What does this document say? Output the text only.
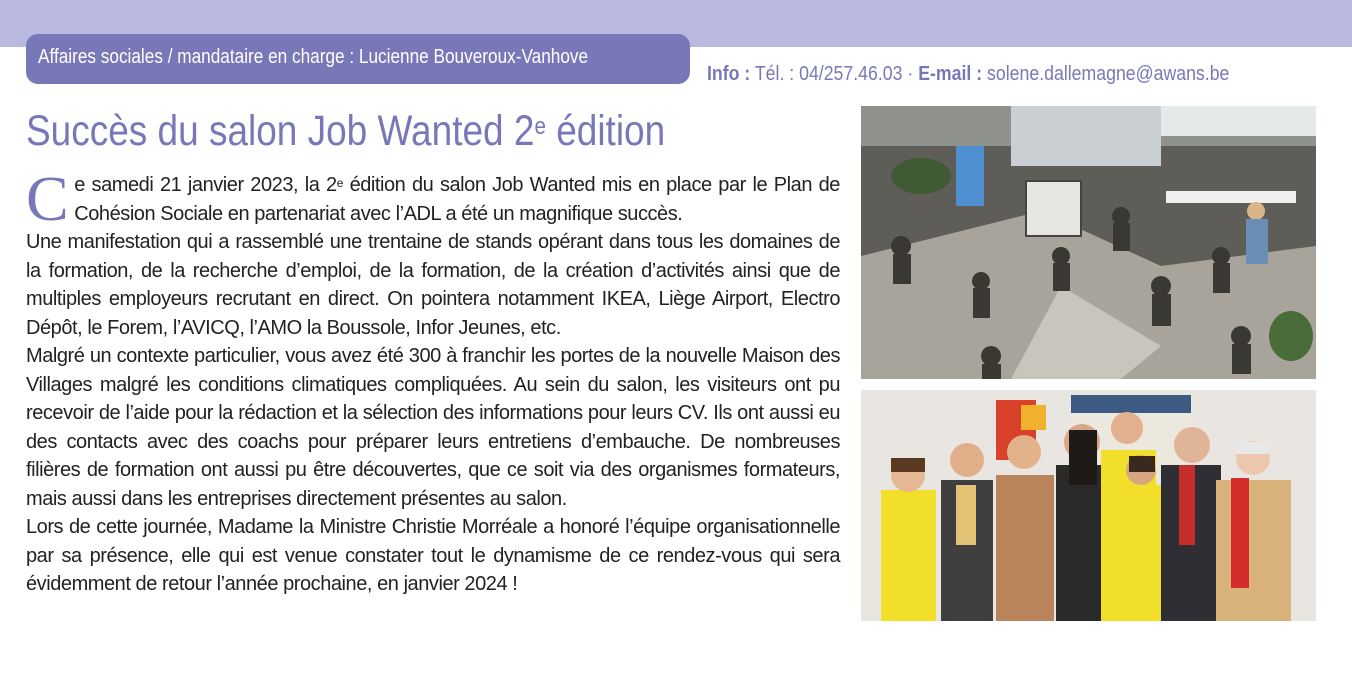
Affaires sociales / mandataire en charge : Lucienne Bouveroux-Vanhove
Info : Tél. : 04/257.46.03 · E-mail : solene.dallemagne@awans.be
Succès du salon Job Wanted 2e édition

Ce samedi 21 janvier 2023, la 2e édition du salon Job Wanted mis en place par le Plan de Cohésion Sociale en partenariat avec l’ADL a été un magnifique succès.

Une manifestation qui a rassemblé une trentaine de stands opérant dans tous les domaines de la formation, de la recherche d’emploi, de la formation, de la création d’activités ainsi que de multiples employeurs recrutant en direct. On pointera notamment IKEA, Liège Airport, Electro Dépôt, le Forem, l’AVICQ, l’AMO la Boussole, Infor Jeunes, etc.

Malgré un contexte particulier, vous avez été 300 à franchir les portes de la nouvelle Maison des Villages malgré les conditions climatiques compliquées. Au sein du salon, les visiteurs ont pu recevoir de l’aide pour la rédaction et la sélection des informations pour leurs CV. Ils ont aussi eu des contacts avec des coachs pour préparer leurs entretiens d’embauche. De nombreuses filières de formation ont aussi pu être découvertes, que ce soit via des organismes formateurs, mais aussi dans les entreprises directement présentes au salon.

Lors de cette journée, Madame la Ministre Christie Morréale a honoré l’équipe organisationnelle par sa présence, elle qui est venue constater tout le dynamisme de ce rendez-vous qui sera évidemment de retour l’année prochaine, en janvier 2024 !
